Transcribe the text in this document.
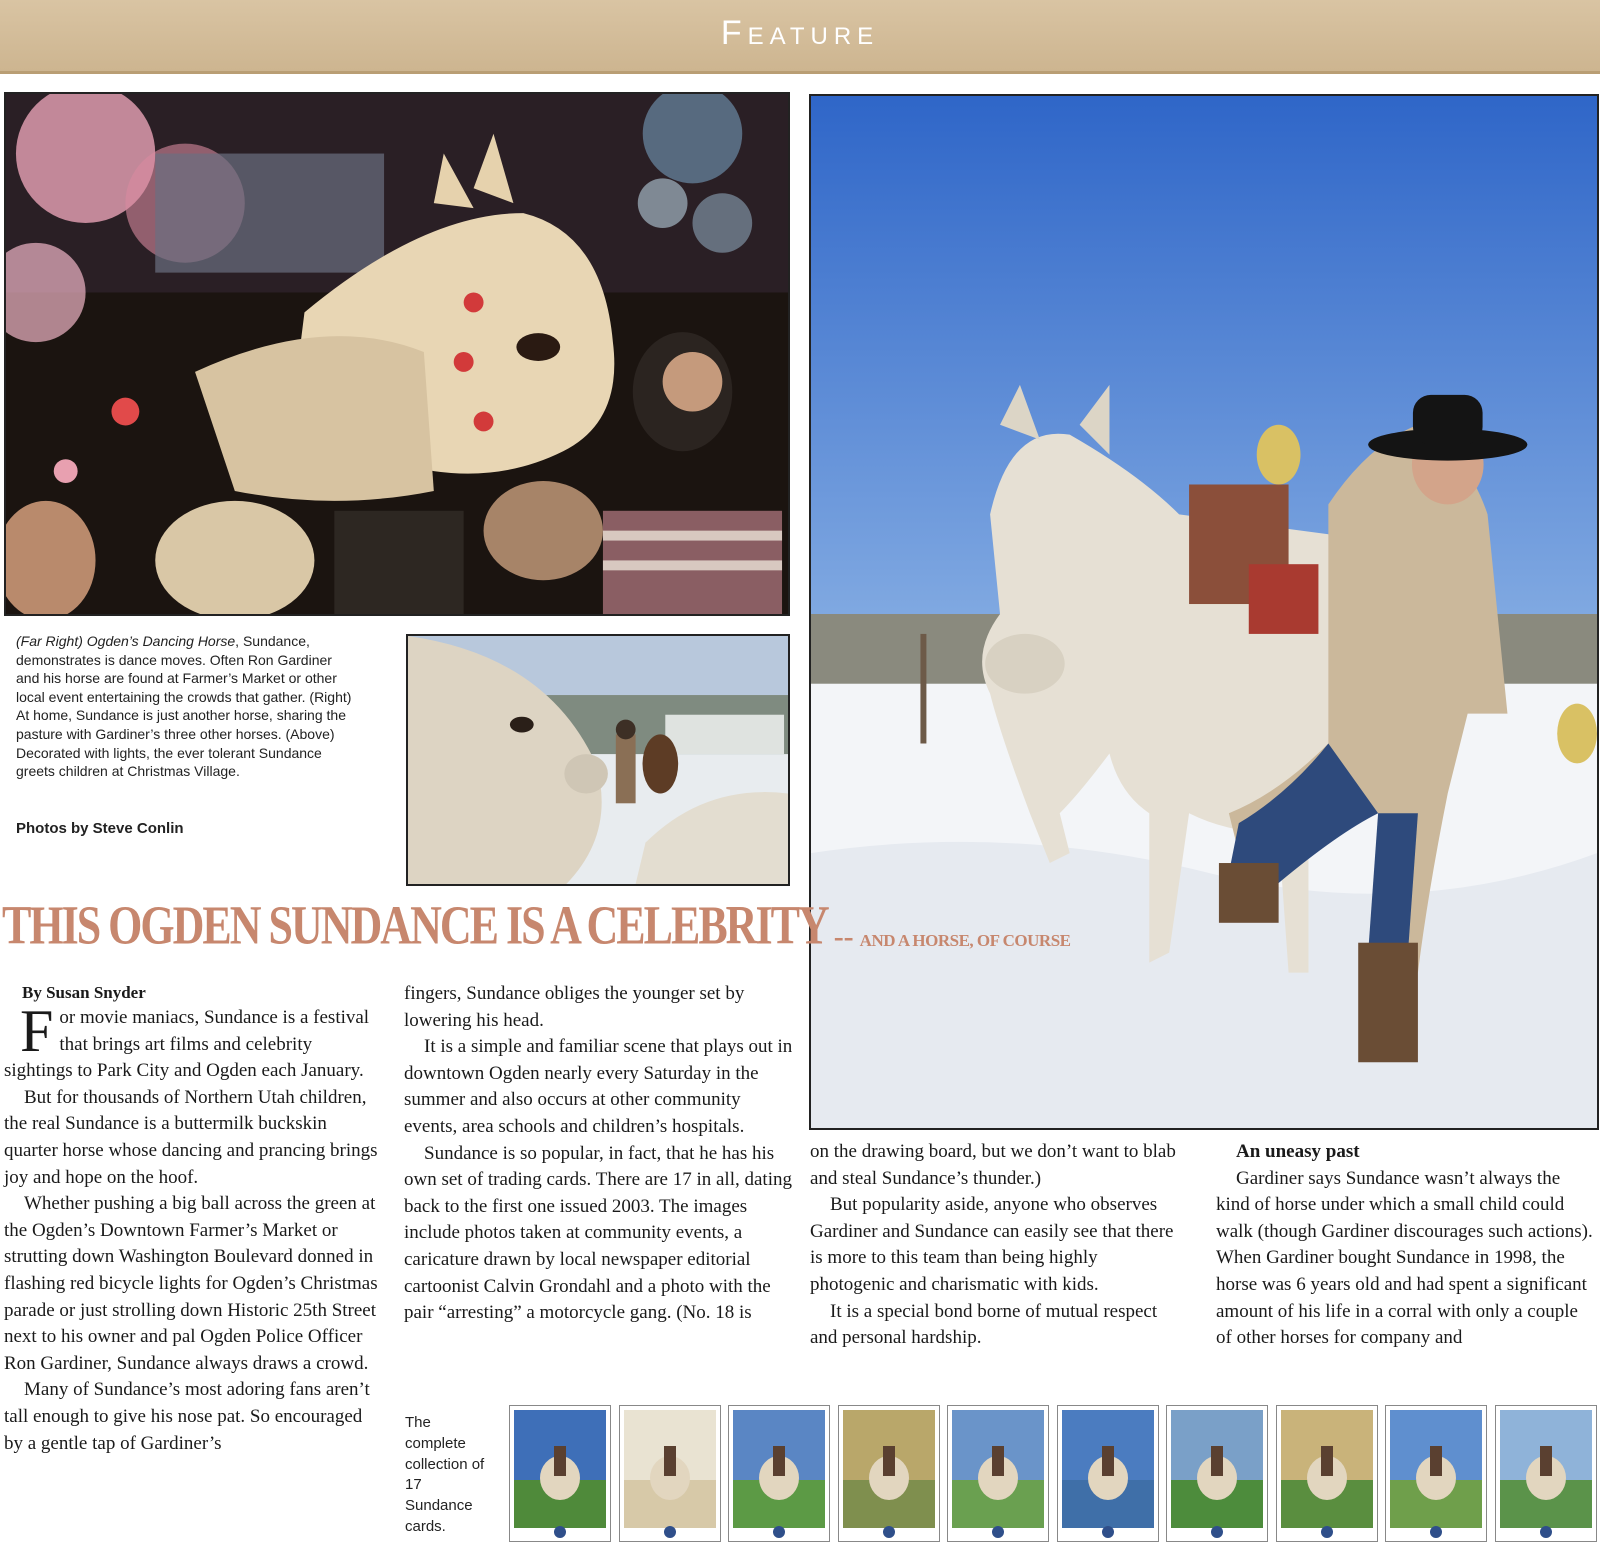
Feature
(Far Right) Ogden’s Dancing Horse, Sundance, demonstrates is dance moves. Often Ron Gardiner and his horse are found at Farmer’s Market or other local event entertaining the crowds that gather. (Right) At home, Sundance is just another horse, sharing the pasture with Gardiner’s three other horses. (Above) Decorated with lights, the ever tolerant Sundance greets children at Christmas Village.
Photos by Steve Conlin
THIS OGDEN SUNDANCE IS A CELEBRITY -- AND A HORSE, OF COURSE
By Susan Snyder

For movie maniacs, Sundance is a festival that brings art films and celebrity sightings to Park City and Ogden each January.

But for thousands of Northern Utah children, the real Sundance is a buttermilk buckskin quarter horse whose dancing and prancing brings joy and hope on the hoof.

Whether pushing a big ball across the green at the Ogden’s Downtown Farmer’s Market or strutting down Washington Boulevard donned in flashing red bicycle lights for Ogden’s Christmas parade or just strolling down Historic 25th Street next to his owner and pal Ogden Police Officer Ron Gardiner, Sundance always draws a crowd.

Many of Sundance’s most adoring fans aren’t tall enough to give his nose pat. So encouraged by a gentle tap of Gardiner’s

fingers, Sundance obliges the younger set by lowering his head.

It is a simple and familiar scene that plays out in downtown Ogden nearly every Saturday in the summer and also occurs at other community events, area schools and children’s hospitals.

Sundance is so popular, in fact, that he has his own set of trading cards. There are 17 in all, dating back to the first one issued 2003. The images include photos taken at community events, a caricature drawn by local newspaper editorial cartoonist Calvin Grondahl and a photo with the pair “arresting” a motorcycle gang. (No. 18 is

on the drawing board, but we don’t want to blab and steal Sundance’s thunder.)

But popularity aside, anyone who observes Gardiner and Sundance can easily see that there is more to this team than being highly photogenic and charismatic with kids.

It is a special bond borne of mutual respect and personal hardship.

An uneasy past

Gardiner says Sundance wasn’t always the kind of horse under which a small child could walk (though Gardiner discourages such actions). When Gardiner bought Sundance in 1998, the horse was 6 years old and had spent a significant amount of his life in a corral with only a couple of other horses for company and

The complete collection of 17 Sundance cards.
